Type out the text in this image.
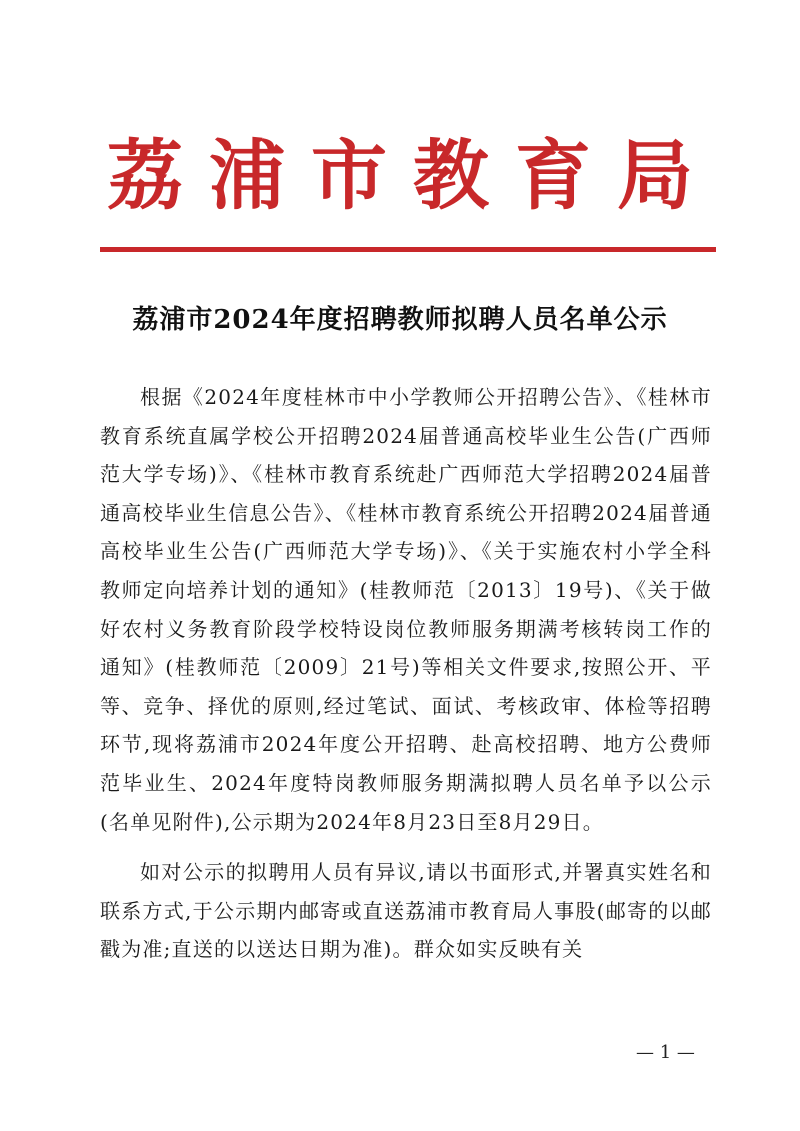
荔浦市教育局
荔浦市2024年度招聘教师拟聘人员名单公示

根据《2024年度桂林市中小学教师公开招聘公告》、《桂林市教育系统直属学校公开招聘2024届普通高校毕业生公告(广西师范大学专场)》、《桂林市教育系统赴广西师范大学招聘2024届普通高校毕业生信息公告》、《桂林市教育系统公开招聘2024届普通高校毕业生公告(广西师范大学专场)》、《关于实施农村小学全科教师定向培养计划的通知》(桂教师范〔2013〕19号)、《关于做好农村义务教育阶段学校特设岗位教师服务期满考核转岗工作的通知》(桂教师范〔2009〕21号)等相关文件要求,按照公开、平等、竞争、择优的原则,经过笔试、面试、考核政审、体检等招聘环节,现将荔浦市2024年度公开招聘、赴高校招聘、地方公费师范毕业生、2024年度特岗教师服务期满拟聘人员名单予以公示(名单见附件),公示期为2024年8月23日至8月29日。

如对公示的拟聘用人员有异议,请以书面形式,并署真实姓名和联系方式,于公示期内邮寄或直送荔浦市教育局人事股(邮寄的以邮戳为准;直送的以送达日期为准)。群众如实反映有关

— 1 —
